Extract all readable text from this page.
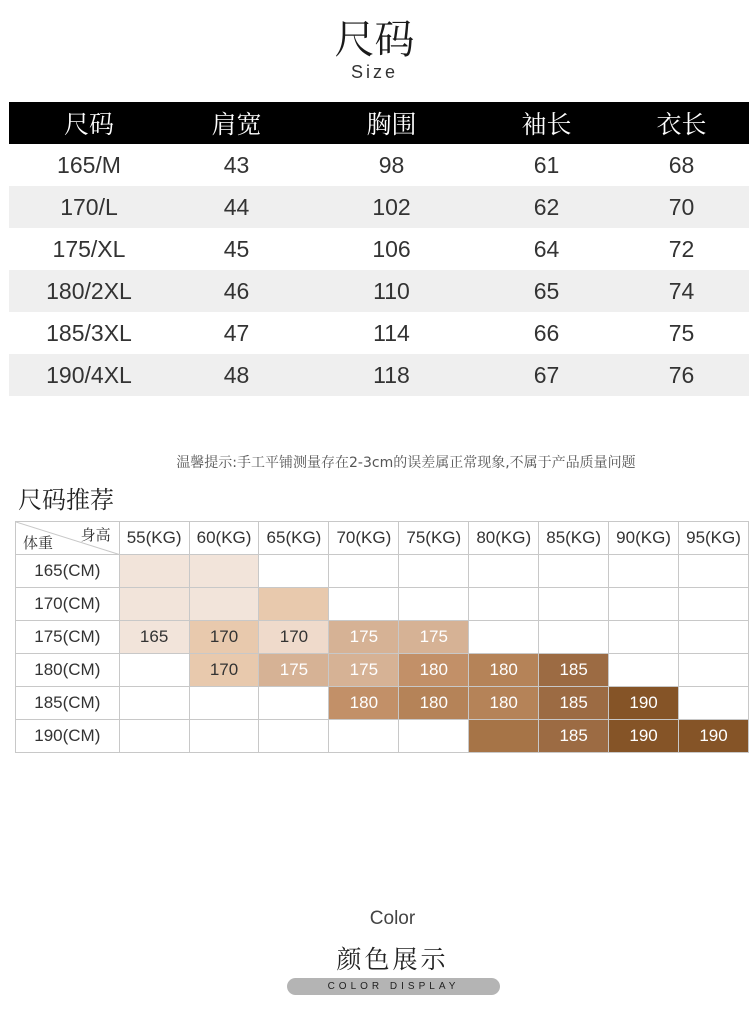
尺码
Size
尺码	肩宽	胸围	袖长	衣长
165/M	43	98	61	68
170/L	44	102	62	70
175/XL	45	106	64	72
180/2XL	46	110	65	74
185/3XL	47	114	66	75
190/4XL	48	118	67	76
温馨提示:手工平铺测量存在2-3cm的误差属正常现象,不属于产品质量问题
尺码推荐
身高
体重	55(KG)	60(KG)	65(KG)	70(KG)	75(KG)	80(KG)	85(KG)	90(KG)	95(KG)
165(CM)									
170(CM)									
175(CM)	165	170	170	175	175				
180(CM)		170	175	175	180	180	185		
185(CM)				180	180	180	185	190	
190(CM)							185	190	190
Color
颜色展示
COLOR DISPLAY
